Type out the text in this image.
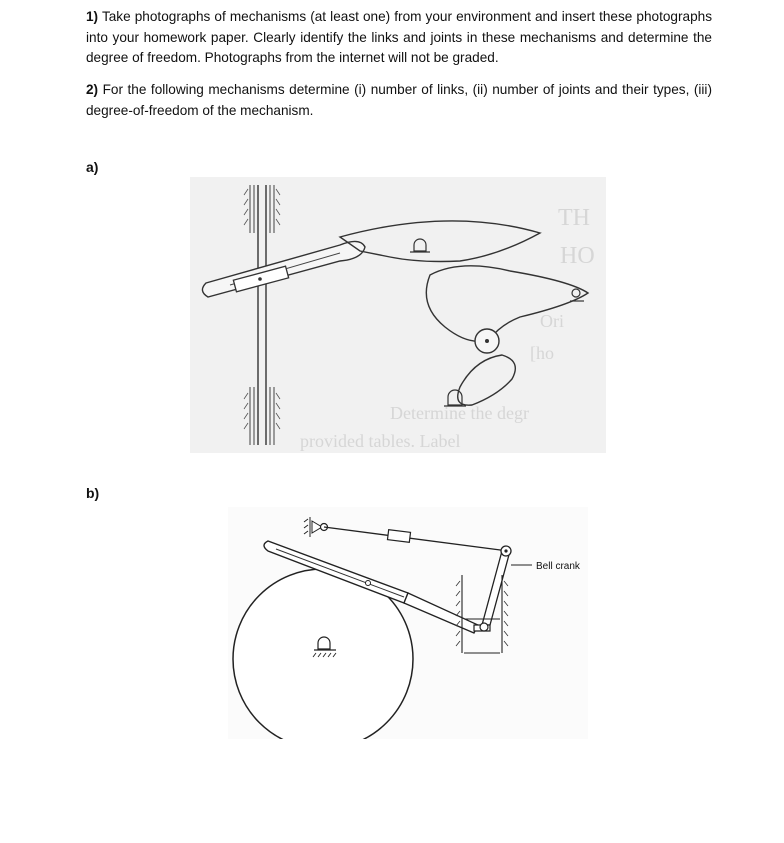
1) Take photographs of mechanisms (at least one) from your environment and insert these photographs into your homework paper. Clearly identify the links and joints in these mechanisms and determine the degree of freedom. Photographs from the internet will not be graded.
2) For the following mechanisms determine (i) number of links, (ii) number of joints and their types, (iii) degree-of-freedom of the mechanism.
a)
TH
HO
Ori
[ho
Determine the degr
provided tables. Label
b)
Bell crank
